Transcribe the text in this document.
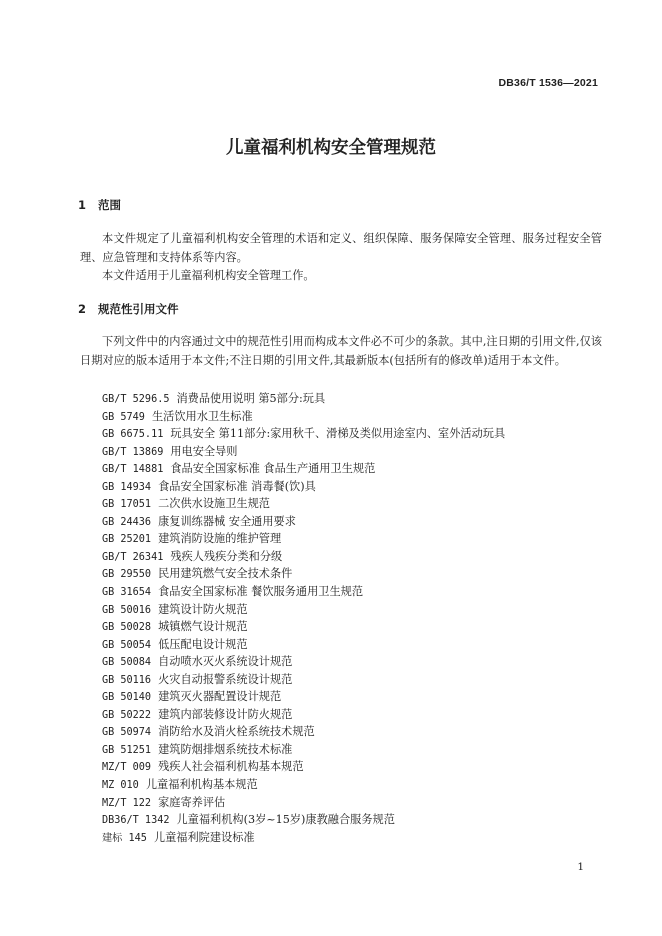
DB36/T 1536—2021
儿童福利机构安全管理规范
1 范围
本文件规定了儿童福利机构安全管理的术语和定义、组织保障、服务保障安全管理、服务过程安全管理、应急管理和支持体系等内容。
本文件适用于儿童福利机构安全管理工作。
2 规范性引用文件
下列文件中的内容通过文中的规范性引用而构成本文件必不可少的条款。其中,注日期的引用文件,仅该日期对应的版本适用于本文件;不注日期的引用文件,其最新版本(包括所有的修改单)适用于本文件。
GB/T 5296.5 消费品使用说明 第5部分:玩具
GB 5749 生活饮用水卫生标准
GB 6675.11 玩具安全 第11部分:家用秋千、滑梯及类似用途室内、室外活动玩具
GB/T 13869 用电安全导则
GB/T 14881 食品安全国家标准 食品生产通用卫生规范
GB 14934 食品安全国家标准 消毒餐(饮)具
GB 17051 二次供水设施卫生规范
GB 24436 康复训练器械 安全通用要求
GB 25201 建筑消防设施的维护管理
GB/T 26341 残疾人残疾分类和分级
GB 29550 民用建筑燃气安全技术条件
GB 31654 食品安全国家标准 餐饮服务通用卫生规范
GB 50016 建筑设计防火规范
GB 50028 城镇燃气设计规范
GB 50054 低压配电设计规范
GB 50084 自动喷水灭火系统设计规范
GB 50116 火灾自动报警系统设计规范
GB 50140 建筑灭火器配置设计规范
GB 50222 建筑内部装修设计防火规范
GB 50974 消防给水及消火栓系统技术规范
GB 51251 建筑防烟排烟系统技术标准
MZ/T 009 残疾人社会福利机构基本规范
MZ 010 儿童福利机构基本规范
MZ/T 122 家庭寄养评估
DB36/T 1342 儿童福利机构(3岁~15岁)康教融合服务规范
建标 145 儿童福利院建设标准
1
